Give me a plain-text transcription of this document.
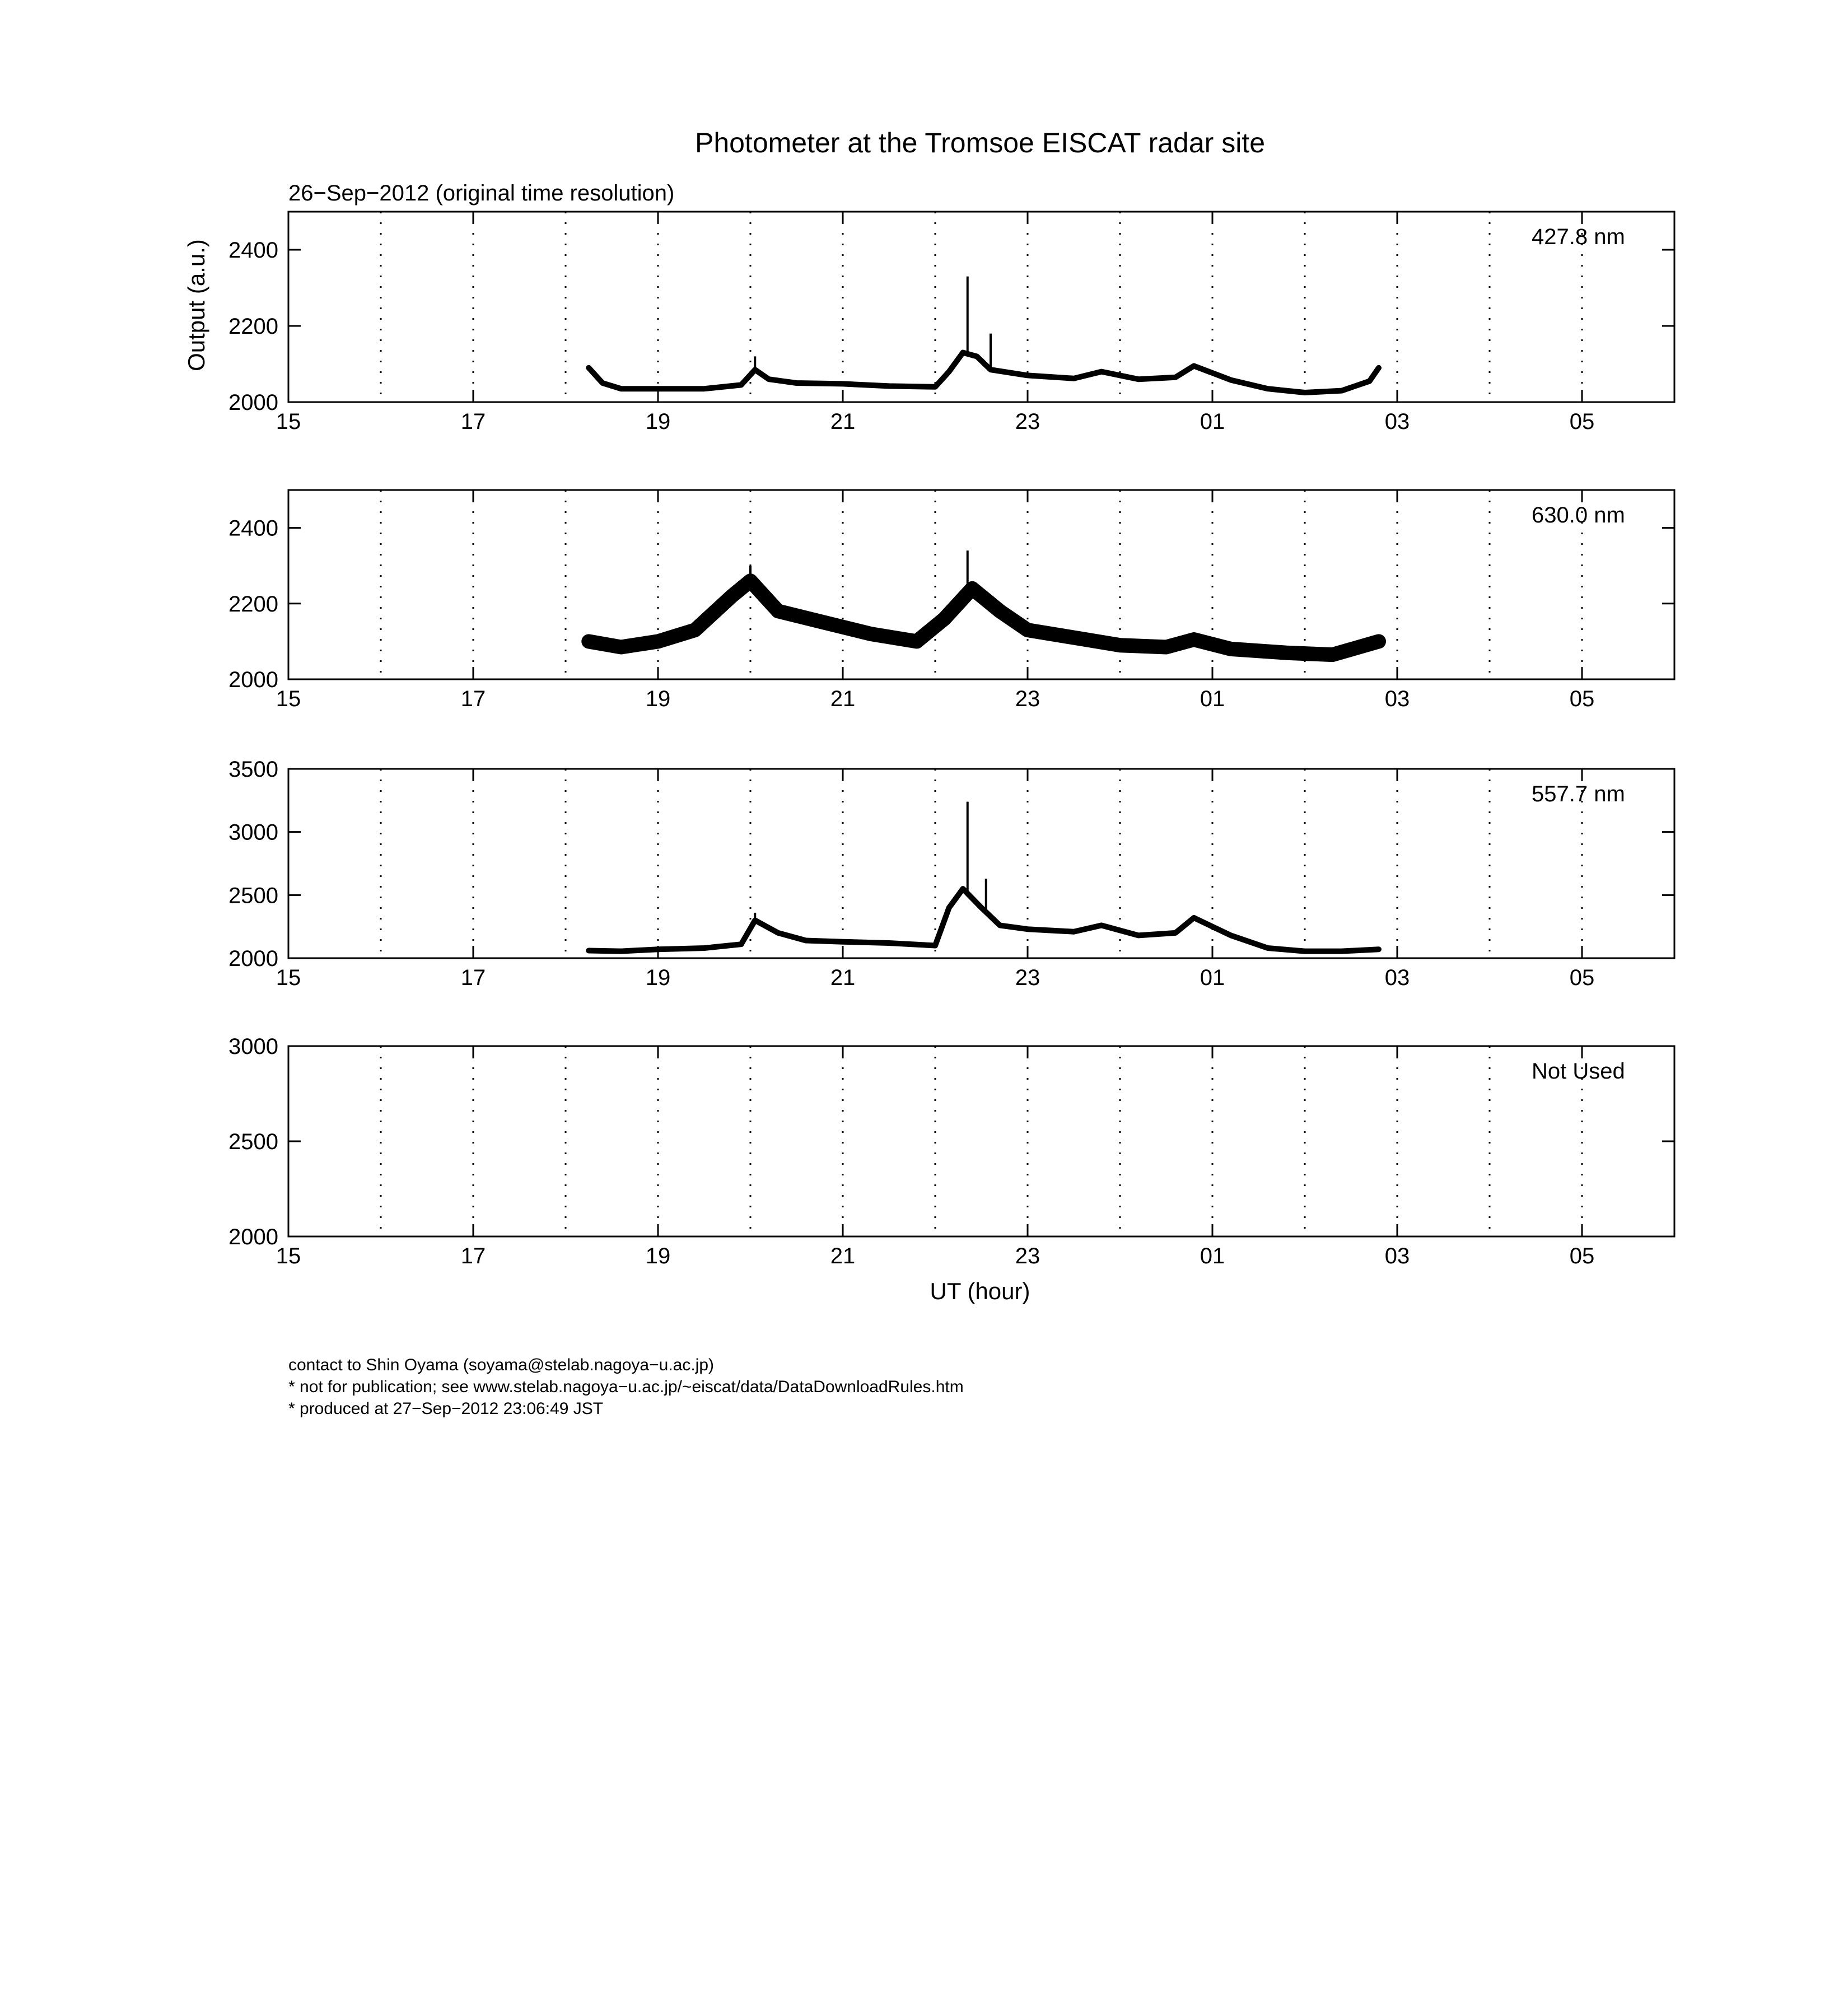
Photometer at the Tromsoe EISCAT radar site
26−Sep−2012 (original time resolution)
Output (a.u.)
UT (hour)
contact to Shin Oyama (soyama@stelab.nagoya−u.ac.jp)
* not for publication; see www.stelab.nagoya−u.ac.jp/~eiscat/data/DataDownloadRules.htm
* produced at 27−Sep−2012 23:06:49 JST
15	17	19	21	23	01	03	05
2000
2200
2400
427.8 nm
15	17	19	21	23	01	03	05
2000
2200
2400
630.0 nm
15	17	19	21	23	01	03	05
2000
2500
3000
3500
557.7 nm
15	17	19	21	23	01	03	05
2000
2500
3000
Not Used
